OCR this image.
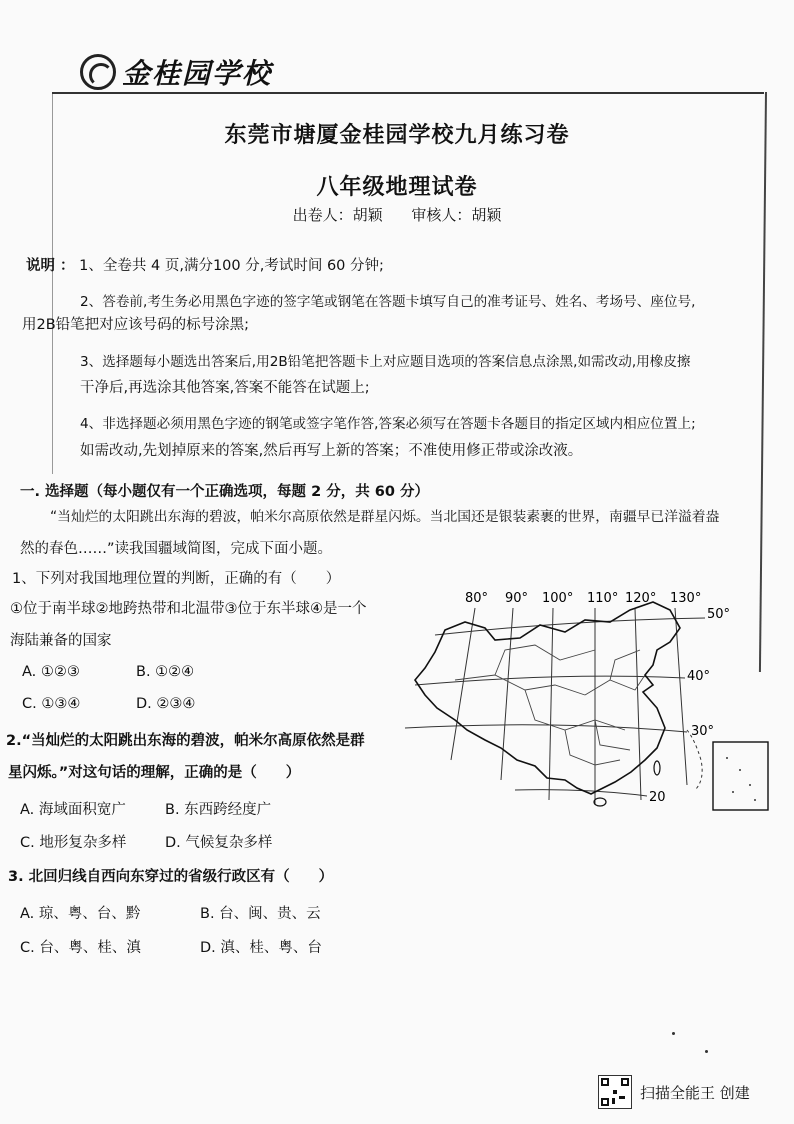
金桂园学校
东莞市塘厦金桂园学校九月练习卷
八年级地理试卷
出卷人：胡颖 审核人：胡颖
说明 ： 1、全卷共 4 页,满分100 分,考试时间 60 分钟;
2、答卷前,考生务必用黑色字迹的签字笔或钢笔在答题卡填写自己的准考证号、姓名、考场号、座位号,
用2B铅笔把对应该号码的标号涂黑;
3、选择题每小题选出答案后,用2B铅笔把答题卡上对应题目选项的答案信息点涂黑,如需改动,用橡皮擦
干净后,再选涂其他答案,答案不能答在试题上;
4、非选择题必须用黑色字迹的钢笔或签字笔作答,答案必须写在答题卡各题目的指定区域内相应位置上;
如需改动,先划掉原来的答案,然后再写上新的答案；不准使用修正带或涂改液。
一. 选择题（每小题仅有一个正确选项，每题 2 分，共 60 分）
“当灿烂的太阳跳出东海的碧波，帕米尔高原依然是群星闪烁。当北国还是银装素裹的世界，南疆早已洋溢着盎
然的春色……”读我国疆域简图，完成下面小题。
1、下列对我国地理位置的判断，正确的有（　　）
①位于南半球②地跨热带和北温带③位于东半球④是一个
海陆兼备的国家
A. ①②③	B. ①②④
C. ①③④	D. ②③④
2.“当灿烂的太阳跳出东海的碧波，帕米尔高原依然是群
星闪烁。”对这句话的理解，正确的是（　　）
A. 海域面积宽广	B. 东西跨经度广
C. 地形复杂多样	D. 气候复杂多样
3. 北回归线自西向东穿过的省级行政区有（　　）
A. 琼、粤、台、黔	B. 台、闽、贵、云
C. 台、粤、桂、滇	D. 滇、桂、粤、台
80° 90° 100° 110° 120° 130°
50°
40°
30°
20
扫描全能王 创建
